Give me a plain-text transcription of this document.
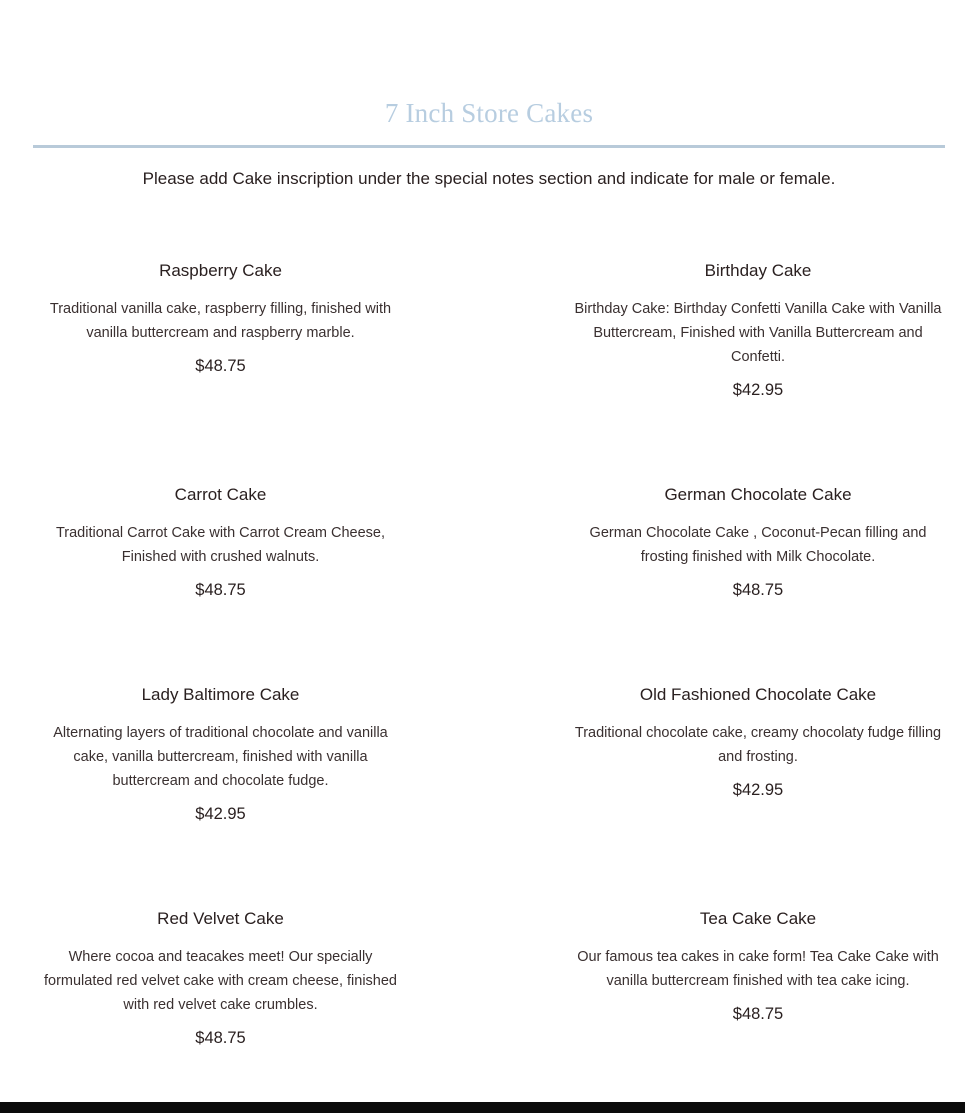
7 Inch Store Cakes

Please add Cake inscription under the special notes section and indicate for male or female.

Raspberry Cake
Traditional vanilla cake, raspberry filling, finished with vanilla buttercream and raspberry marble.
$48.75
Birthday Cake
Birthday Cake: Birthday Confetti Vanilla Cake with Vanilla Buttercream, Finished with Vanilla Buttercream and Confetti.
$42.95
Carrot Cake
Traditional Carrot Cake with Carrot Cream Cheese, Finished with crushed walnuts.
$48.75
German Chocolate Cake
German Chocolate Cake , Coconut-Pecan filling and frosting finished with Milk Chocolate.
$48.75
Lady Baltimore Cake
Alternating layers of traditional chocolate and vanilla cake, vanilla buttercream, finished with vanilla buttercream and chocolate fudge.
$42.95
Old Fashioned Chocolate Cake
Traditional chocolate cake, creamy chocolaty fudge filling and frosting.
$42.95
Red Velvet Cake
Where cocoa and teacakes meet! Our specially formulated red velvet cake with cream cheese, finished with red velvet cake crumbles.
$48.75
Tea Cake Cake
Our famous tea cakes in cake form! Tea Cake Cake with vanilla buttercream finished with tea cake icing.
$48.75
